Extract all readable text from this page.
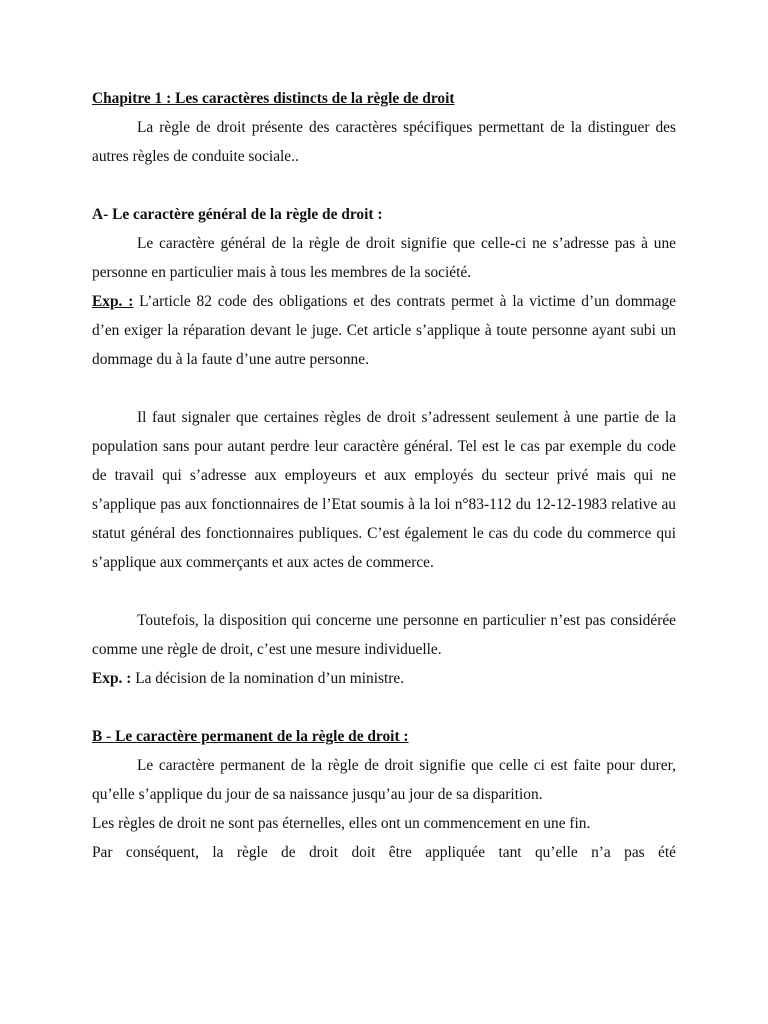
Chapitre 1 : Les caractères distincts de la règle de droit

La règle de droit présente des caractères spécifiques permettant de la distinguer des autres règles de conduite sociale..

A- Le caractère général de la règle de droit :

Le caractère général de la règle de droit signifie que celle-ci ne s’adresse pas à une personne en particulier mais à tous les membres de la société.

Exp. : L’article 82 code des obligations et des contrats permet à la victime d’un dommage d’en exiger la réparation devant le juge. Cet article s’applique à toute personne ayant subi un dommage du à la faute d’une autre personne.

Il faut signaler que certaines règles de droit s’adressent seulement à une partie de la population sans pour autant perdre leur caractère général. Tel est le cas par exemple du code de travail qui s’adresse aux employeurs et aux employés du secteur privé mais qui ne s’applique pas aux fonctionnaires de l’Etat soumis à la loi n°83-112 du 12-12-1983 relative au statut général des fonctionnaires publiques. C’est également le cas du code du commerce qui s’applique aux commerçants et aux actes de commerce.

Toutefois, la disposition qui concerne une personne en particulier n’est pas considérée comme une règle de droit, c’est une mesure individuelle.

Exp. : La décision de la nomination d’un ministre.

B - Le caractère permanent de la règle de droit :

Le caractère permanent de la règle de droit signifie que celle ci est faite pour durer, qu’elle s’applique du jour de sa naissance jusqu’au jour de sa disparition.

Les règles de droit ne sont pas éternelles, elles ont un commencement en une fin.

Par conséquent, la règle de droit doit être appliquée tant qu’elle n’a pas été
